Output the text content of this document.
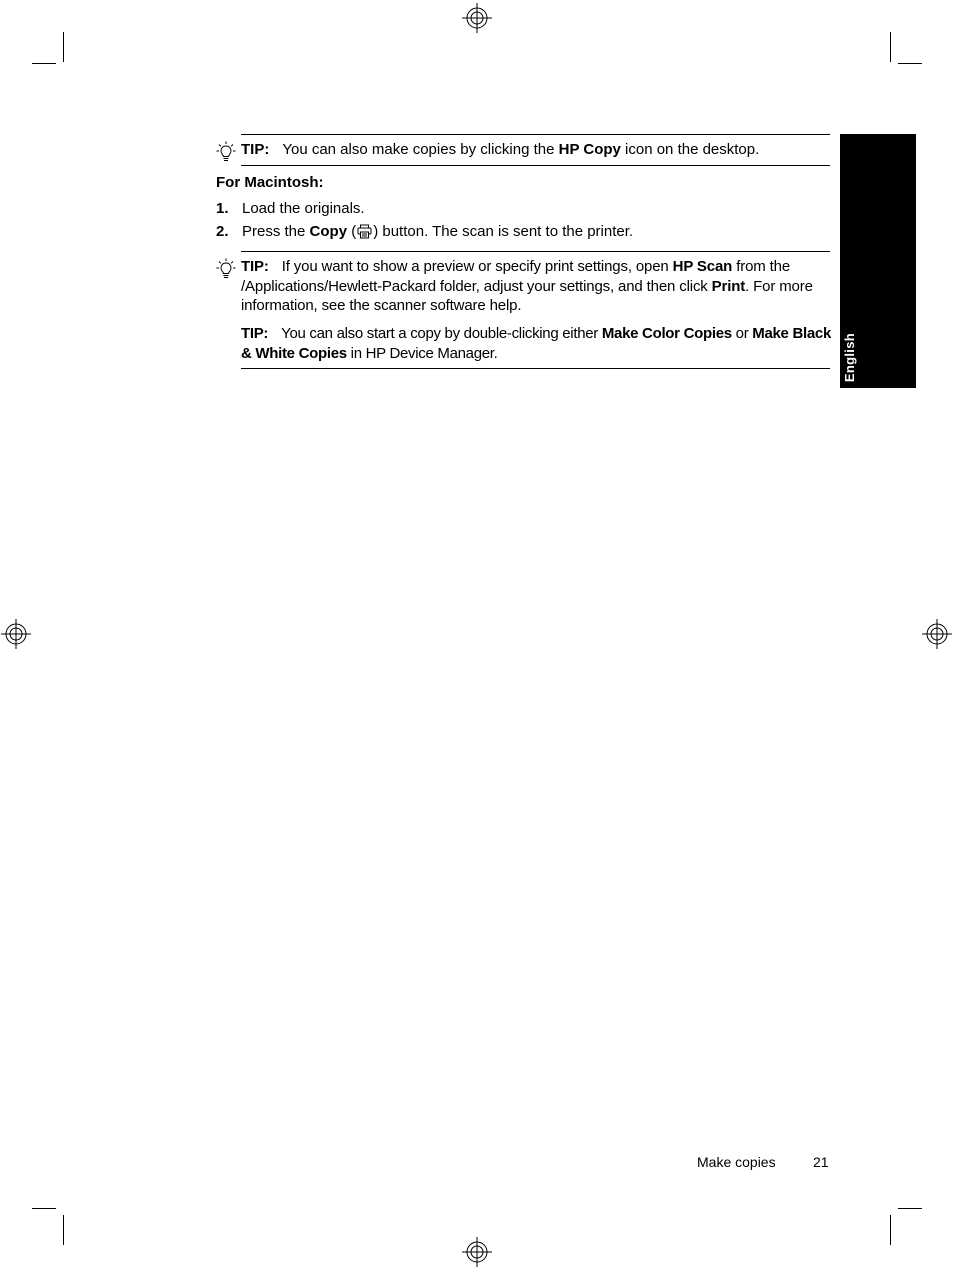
English
TIP: You can also make copies by clicking the HP Copy icon on the desktop.
For Macintosh:
1. Load the originals.
2. Press the Copy ( ) button. The scan is sent to the printer.
TIP: If you want to show a preview or specify print settings, open HP Scan from the /Applications/Hewlett-Packard folder, adjust your settings, and then click Print. For more information, see the scanner software help.
TIP: You can also start a copy by double-clicking either Make Color Copies or Make Black & White Copies in HP Device Manager.
Make copies	21
